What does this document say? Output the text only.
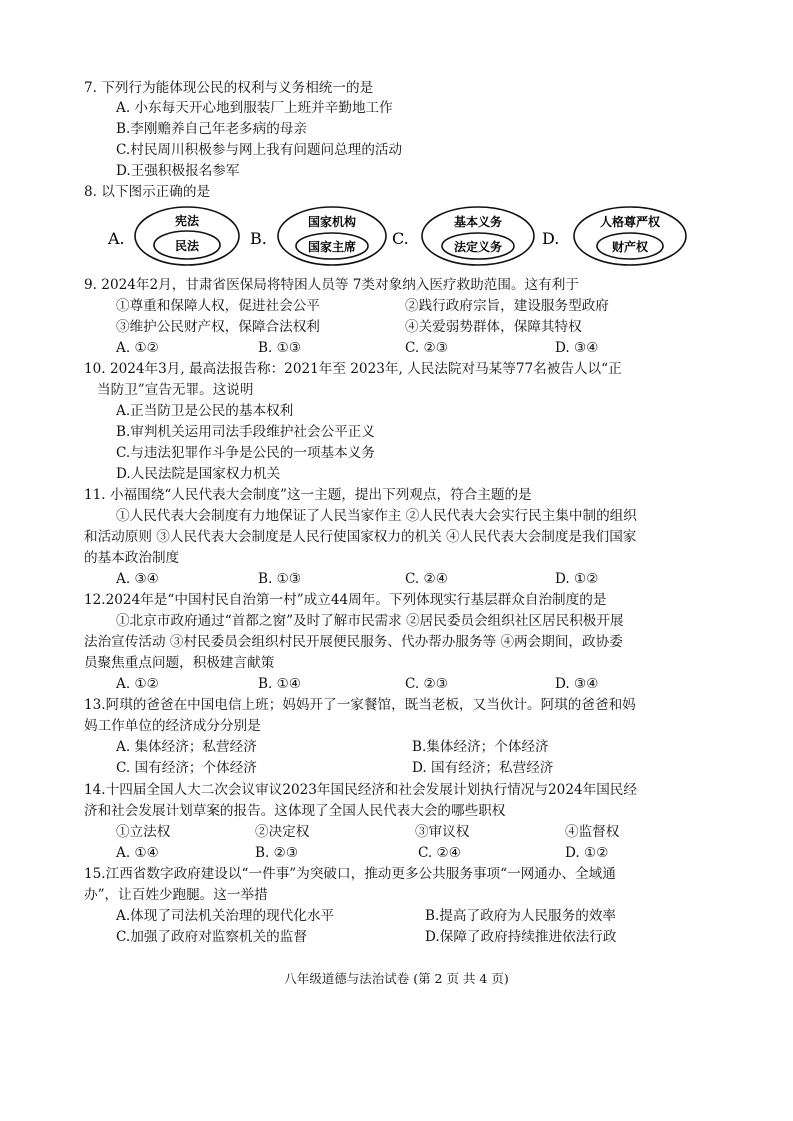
7. 下列行为能体现公民的权利与义务相统一的是
A. 小东每天开心地到服装厂上班并辛勤地工作
B.李刚赡养自己年老多病的母亲
C.村民周川积极参与网上我有问题问总理的活动
D.王强积极报名参军
8. 以下图示正确的是
A.
宪法
民法	B.
国家机构
国家主席 C.
基本义务
法定义务 D.
人格尊严权
财产权
9. 2024年2月，甘肃省医保局将特困人员等 7类对象纳入医疗救助范围。这有利于
①尊重和保障人权，促进社会公平	②践行政府宗旨，建设服务型政府
③维护公民财产权，保障合法权利	④关爱弱势群体，保障其特权
A. ①②	B. ①③	C. ②③	D. ③④
10. 2024年3月, 最高法报告称：2021年至 2023年, 人民法院对马某等77名被告人以“正
当防卫”宣告无罪。这说明
A.正当防卫是公民的基本权利
B.审判机关运用司法手段维护社会公平正义
C.与违法犯罪作斗争是公民的一项基本义务
D.人民法院是国家权力机关
11. 小福围绕“人民代表大会制度”这一主题，提出下列观点，符合主题的是
①人民代表大会制度有力地保证了人民当家作主 ②人民代表大会实行民主集中制的组织
和活动原则 ③人民代表大会制度是人民行使国家权力的机关 ④人民代表大会制度是我们国家
的基本政治制度
A. ③④	B. ①③	C. ②④	D. ①②
12.2024年是“中国村民自治第一村”成立44周年。下列体现实行基层群众自治制度的是
①北京市政府通过“首都之窗”及时了解市民需求 ②居民委员会组织社区居民积极开展
法治宣传活动 ③村民委员会组织村民开展便民服务、代办帮办服务等 ④两会期间，政协委
员聚焦重点问题，积极建言献策
A. ①②	B. ①④	C. ②③	D. ③④
13.阿琪的爸爸在中国电信上班；妈妈开了一家餐馆，既当老板，又当伙计。阿琪的爸爸和妈
妈工作单位的经济成分分别是
A. 集体经济；私营经济	B.集体经济；个体经济
C. 国有经济；个体经济	D. 国有经济；私营经济
14.十四届全国人大二次会议审议2023年国民经济和社会发展计划执行情况与2024年国民经
济和社会发展计划草案的报告。这体现了全国人民代表大会的哪些职权
①立法权	②决定权	③审议权	④监督权
A. ①④	B. ②③	C. ②④	D. ①②
15.江西省数字政府建设以“一件事”为突破口，推动更多公共服务事项“一网通办、全域通
办”，让百姓少跑腿。这一举措
A.体现了司法机关治理的现代化水平	B.提高了政府为人民服务的效率
C.加强了政府对监察机关的监督	D.保障了政府持续推进依法行政
八年级道德与法治试卷 (第 2 页 共 4 页)
